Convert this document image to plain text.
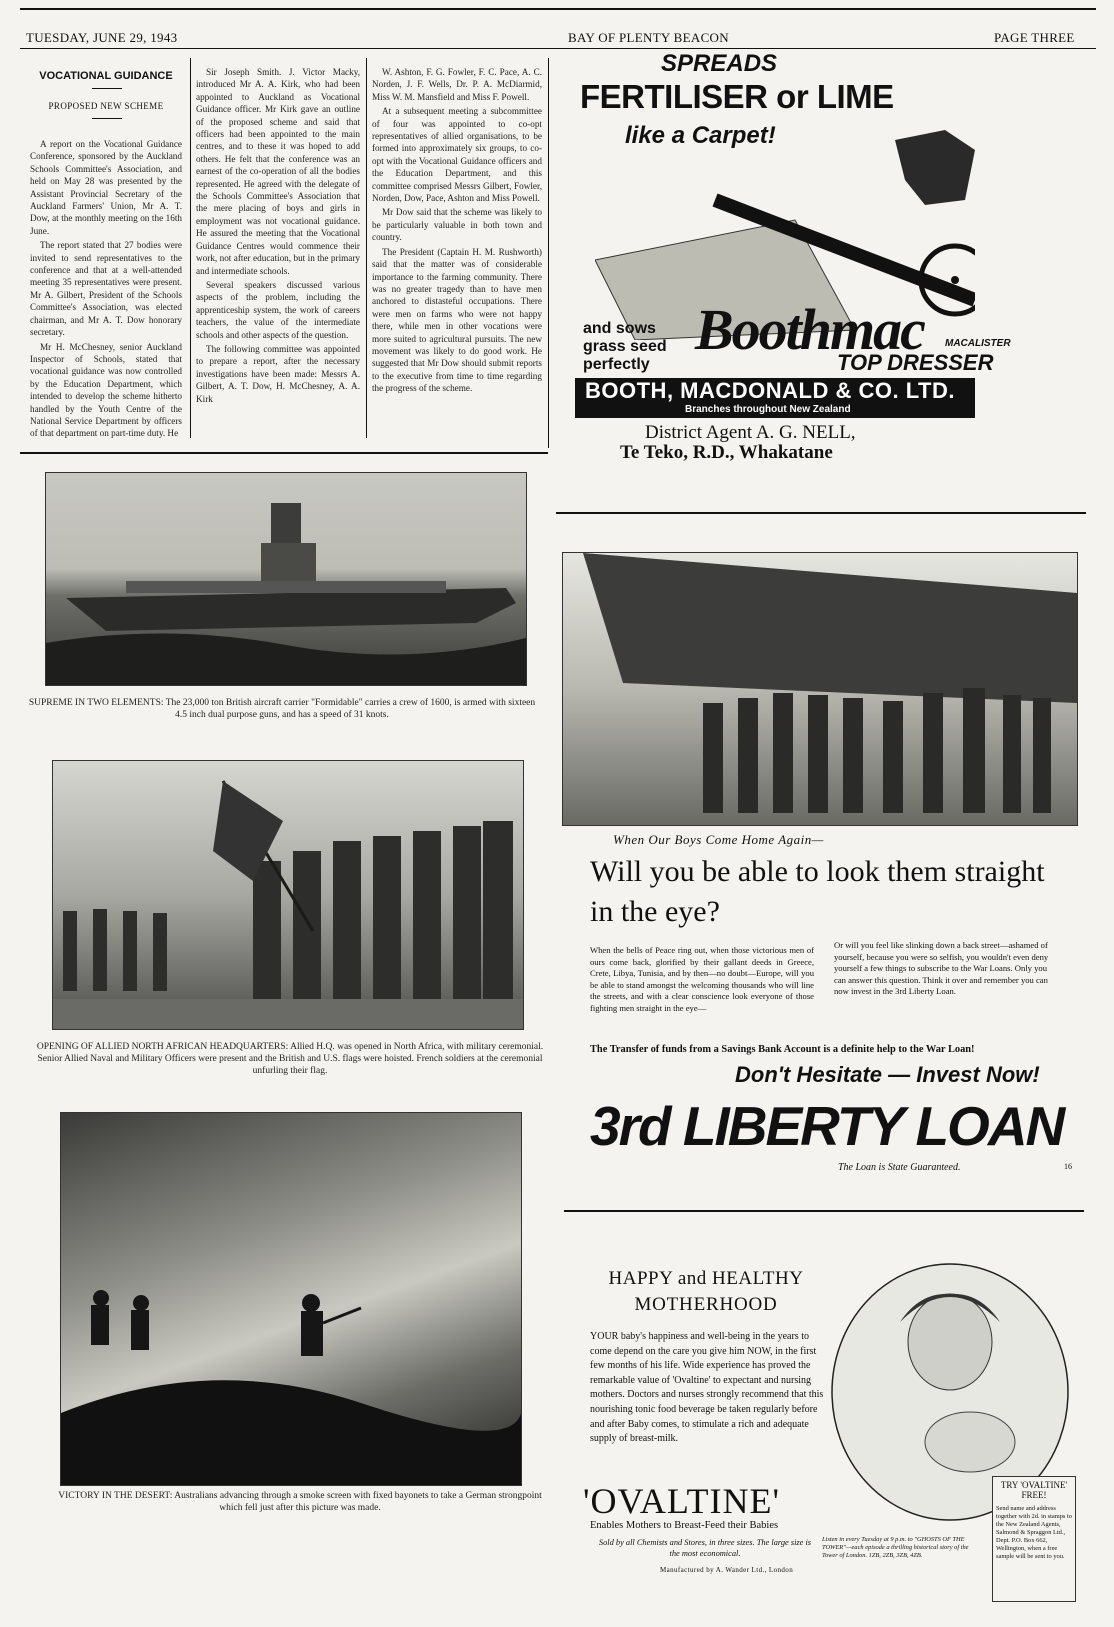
TUESDAY, JUNE 29, 1943	BAY OF PLENTY BEACON	PAGE THREE
VOCATIONAL GUIDANCE
PROPOSED NEW SCHEME

A report on the Vocational Guidance Conference, sponsored by the Auckland Schools Committee's Association, and held on May 28 was presented by the Assistant Provincial Secretary of the Auckland Farmers' Union, Mr A. T. Dow, at the monthly meeting on the 16th June.

The report stated that 27 bodies were invited to send representatives to the conference and that at a well-attended meeting 35 representatives were present. Mr A. Gilbert, President of the Schools Committee's Association, was elected chairman, and Mr A. T. Dow honorary secretary.

Mr H. McChesney, senior Auckland Inspector of Schools, stated that vocational guidance was now controlled by the Education Department, which intended to develop the scheme hitherto handled by the Youth Centre of the National Service Department by officers of that department on part-time duty. He

Sir Joseph Smith. J. Victor Macky, introduced Mr A. A. Kirk, who had been appointed to Auckland as Vocational Guidance officer. Mr Kirk gave an outline of the proposed scheme and said that officers had been appointed to the main centres, and to these it was hoped to add others. He felt that the conference was an earnest of the co-operation of all the bodies represented. He agreed with the delegate of the Schools Committee's Association that the mere placing of boys and girls in employment was not vocational guidance. He assured the meeting that the Vocational Guidance Centres would commence their work, not after education, but in the primary and intermediate schools.

Several speakers discussed various aspects of the problem, including the apprenticeship system, the work of careers teachers, the value of the intermediate schools and other aspects of the question.

The following committee was appointed to prepare a report, after the necessary investigations have been made: Messrs A. Gilbert, A. T. Dow, H. McChesney, A. A. Kirk

W. Ashton, F. G. Fowler, F. C. Pace, A. C. Norden, J. F. Wells, Dr. P. A. McDiarmid, Miss W. M. Mansfield and Miss F. Powell.

At a subsequent meeting a subcommittee of four was appointed to co-opt representatives of allied organisations, to be formed into approximately six groups, to co-opt with the Vocational Guidance officers and the Education Department, and this committee comprised Messrs Gilbert, Fowler, Norden, Dow, Pace, Ashton and Miss Powell.

Mr Dow said that the scheme was likely to be particularly valuable in both town and country.

The President (Captain H. M. Rushworth) said that the matter was of considerable importance to the farming community. There was no greater tragedy than to have men anchored to distasteful occupations. There were men on farms who were not happy there, while men in other vocations were more suited to agricultural pursuits. The new movement was likely to do good work. He suggested that Mr Dow should submit reports to the executive from time to time regarding the progress of the scheme.

SUPREME IN TWO ELEMENTS: The 23,000 ton British aircraft carrier "Formidable" carries a crew of 1600, is armed with sixteen 4.5 inch dual purpose guns, and has a speed of 31 knots.
OPENING OF ALLIED NORTH AFRICAN HEADQUARTERS: Allied H.Q. was opened in North Africa, with military ceremonial. Senior Allied Naval and Military Officers were present and the British and U.S. flags were hoisted. French soldiers at the ceremonial unfurling their flag.
VICTORY IN THE DESERT: Australians advancing through a smoke screen with fixed bayonets to take a German strongpoint which fell just after this picture was made.
SPREADS
FERTILISER or LIME
like a Carpet!
and sows grass seed perfectly
Boothmac MACALISTER
TOP DRESSER
BOOTH, MACDONALD & CO. LTD.
Branches throughout New Zealand
District Agent A. G. NELL,
Te Teko, R.D., Whakatane
When Our Boys Come Home Again—
Will you be able to look them straight in the eye?
When the bells of Peace ring out, when those victorious men of ours come back, glorified by their gallant deeds in Greece, Crete, Libya, Tunisia, and by then—no doubt—Europe, will you be able to stand amongst the welcoming thousands who will line the streets, and with a clear conscience look everyone of those fighting men straight in the eye—
Or will you feel like slinking down a back street—ashamed of yourself, because you were so selfish, you wouldn't even deny yourself a few things to subscribe to the War Loans. Only you can answer this question. Think it over and remember you can now invest in the 3rd Liberty Loan.
The Transfer of funds from a Savings Bank Account is a definite help to the War Loan!
Don't Hesitate — Invest Now!
3rd LIBERTY LOAN
The Loan is State Guaranteed.	16
HAPPY and HEALTHY
MOTHERHOOD
YOUR baby's happiness and well-being in the years to come depend on the care you give him NOW, in the first few months of his life. Wide experience has proved the remarkable value of 'Ovaltine' to expectant and nursing mothers. Doctors and nurses strongly recommend that this nourishing tonic food beverage be taken regularly before and after Baby comes, to stimulate a rich and adequate supply of breast-milk.
TRY 'OVALTINE' FREE!
Send name and address together with 2d. in stamps to the New Zealand Agents, Salmond & Spraggon Ltd., Dept. P.O. Box 662, Wellington, when a free sample will be sent to you.
'OVALTINE'
Enables Mothers to Breast-Feed their Babies
Sold by all Chemists and Stores, in three sizes. The large size is the most economical.
Listen in every Tuesday at 9 p.m. to "GHOSTS OF THE TOWER"—each episode a thrilling historical story of the Tower of London. 1ZB, 2ZB, 3ZB, 4ZB.
Manufactured by A. Wander Ltd., London
